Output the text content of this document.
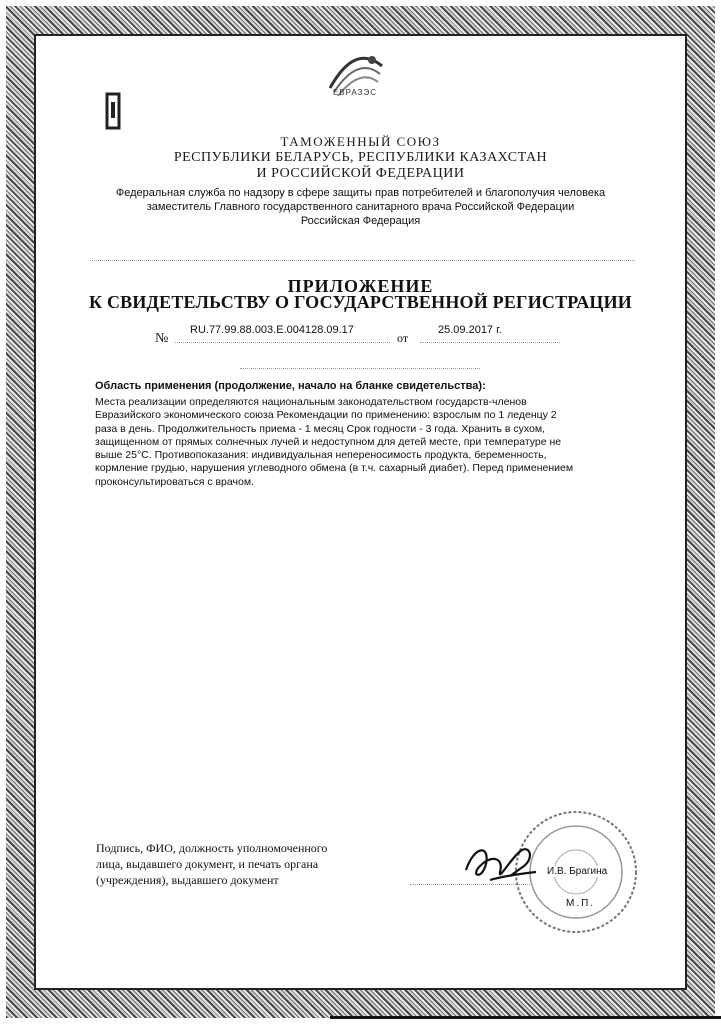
ЕВРАЗЭС
ТАМОЖЕННЫЙ СОЮЗ
РЕСПУБЛИКИ БЕЛАРУСЬ, РЕСПУБЛИКИ КАЗАХСТАН
И РОССИЙСКОЙ ФЕДЕРАЦИИ
Федеральная служба по надзору в сфере защиты прав потребителей и благополучия человека
заместитель Главного государственного санитарного врача Российской Федерации
Российская Федерация
ПРИЛОЖЕНИЕ
К СВИДЕТЕЛЬСТВУ О ГОСУДАРСТВЕННОЙ РЕГИСТРАЦИИ
№
RU.77.99.88.003.E.004128.09.17
от
25.09.2017 г.
Область применения (продолжение, начало на бланке свидетельства):
Места реализации определяются национальным законодательством государств-членов
Евразийского экономического союза Рекомендации по применению: взрослым по 1 леденцу 2
раза в день. Продолжительность приема - 1 месяц Срок годности - 3 года. Хранить в сухом,
защищенном от прямых солнечных лучей и недоступном для детей месте, при температуре не
выше 25°С. Противопоказания: индивидуальная непереносимость продукта, беременность,
кормление грудью, нарушения углеводного обмена (в т.ч. сахарный диабет). Перед применением
проконсультироваться с врачом.
Подпись, ФИО, должность уполномоченного
лица, выдавшего документ, и печать органа
(учреждения), выдавшего документ
И.В. Брагина
М.П.
